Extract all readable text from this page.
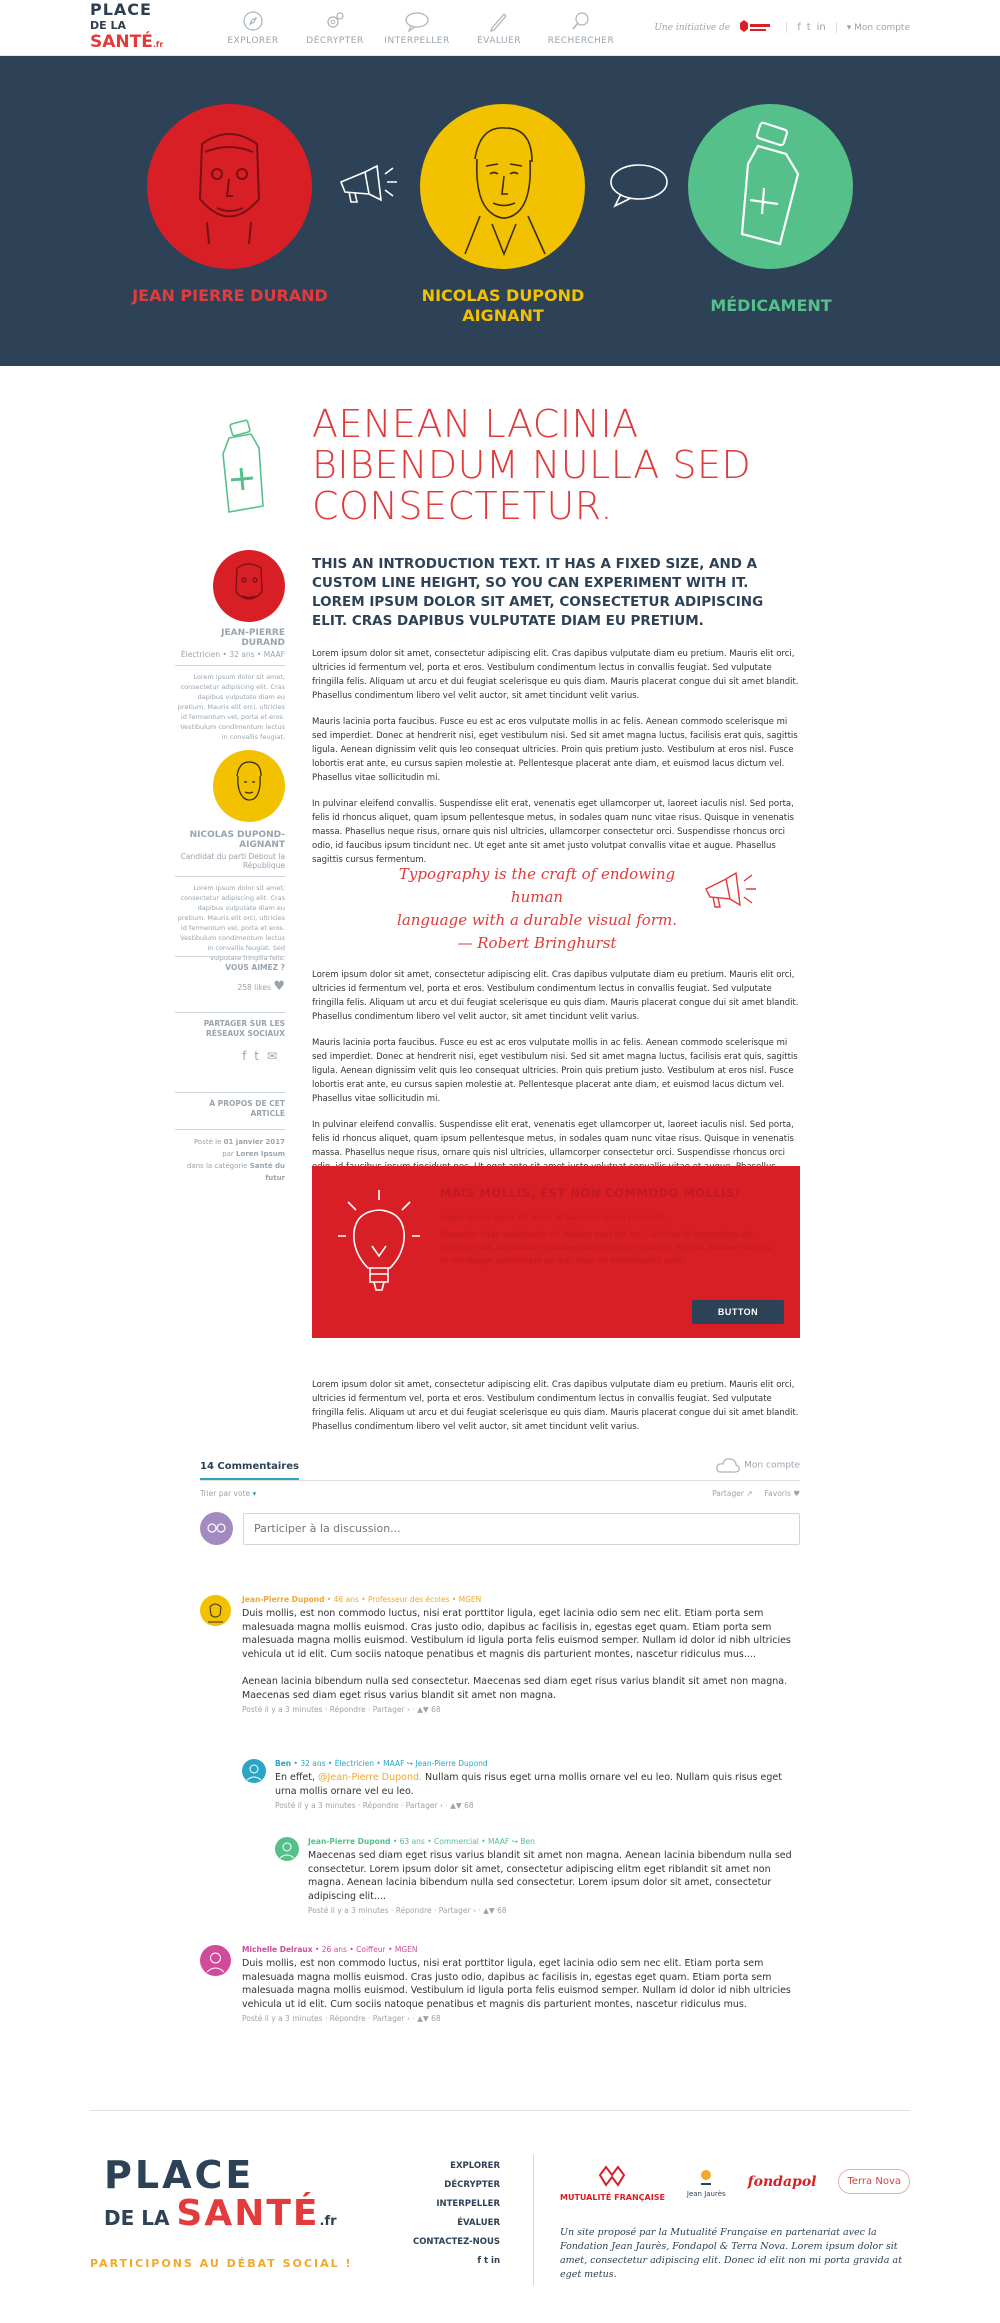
PLACE
DE LA SANTÉ.fr	EXPLORER	DÉCRYPTER	INTERPELLER	ÉVALUER	RECHERCHER
Une initiative de	f t in ▾ Mon compte
JEAN PIERRE DURAND	NICOLAS DUPOND AIGNANT
MÉDICAMENT
JEAN-PIERRE DURAND
Électricien • 32 ans • MAAF
Lorem ipsum dolor sit amet, consectetur adipiscing elit. Cras dapibus vulputate diam eu pretium. Mauris elit orci, ultricies id fermentum vel, porta et eros. Vestibulum condimentum lectus in convallis feugiat.
NICOLAS DUPOND-AIGNANT
Candidat du parti Debout la République
Lorem ipsum dolor sit amet, consectetur adipiscing elit. Cras dapibus vulputate diam eu pretium. Mauris elit orci, ultricies id fermentum vel, porta et eros. Vestibulum condimentum lectus in convallis feugiat. Sed vulputate fringilla felis.
VOUS AIMEZ ?
258 likes ♥
PARTAGER SUR LES RÉSEAUX SOCIAUX
ft✉
À PROPOS DE CET ARTICLE
Posté le 01 janvier 2017
par Loren Ipsum
dans la catégorie Santé du futur
AENEAN LACINIA BIBENDUM NULLA SED CONSECTETUR.

THIS AN INTRODUCTION TEXT. IT HAS A FIXED SIZE, AND A CUSTOM LINE HEIGHT, SO YOU CAN EXPERIMENT WITH IT. LOREM IPSUM DOLOR SIT AMET, CONSECTETUR ADIPISCING ELIT. CRAS DAPIBUS VULPUTATE DIAM EU PRETIUM.

Lorem ipsum dolor sit amet, consectetur adipiscing elit. Cras dapibus vulputate diam eu pretium. Mauris elit orci, ultricies id fermentum vel, porta et eros. Vestibulum condimentum lectus in convallis feugiat. Sed vulputate fringilla felis. Aliquam ut arcu et dui feugiat scelerisque eu quis diam. Mauris placerat congue dui sit amet blandit. Phasellus condimentum libero vel velit auctor, sit amet tincidunt velit varius.

Mauris lacinia porta faucibus. Fusce eu est ac eros vulputate mollis in ac felis. Aenean commodo scelerisque mi sed imperdiet. Donec at hendrerit nisi, eget vestibulum nisi. Sed sit amet magna luctus, facilisis erat quis, sagittis ligula. Aenean dignissim velit quis leo consequat ultricies. Proin quis pretium justo. Vestibulum at eros nisl. Fusce lobortis erat ante, eu cursus sapien molestie at. Pellentesque placerat ante diam, et euismod lacus dictum vel. Phasellus vitae sollicitudin mi.

In pulvinar eleifend convallis. Suspendisse elit erat, venenatis eget ullamcorper ut, laoreet iaculis nisl. Sed porta, felis id rhoncus aliquet, quam ipsum pellentesque metus, in sodales quam nunc vitae risus. Quisque in venenatis massa. Phasellus neque risus, ornare quis nisl ultricies, ullamcorper consectetur orci. Suspendisse rhoncus orci odio, id faucibus ipsum tincidunt nec. Ut eget ante sit amet justo volutpat convallis vitae et augue. Phasellus sagittis cursus fermentum.

Typography is the craft of endowing human
language with a durable visual form.
— Robert Bringhurst

Lorem ipsum dolor sit amet, consectetur adipiscing elit. Cras dapibus vulputate diam eu pretium. Mauris elit orci, ultricies id fermentum vel, porta et eros. Vestibulum condimentum lectus in convallis feugiat. Sed vulputate fringilla felis. Aliquam ut arcu et dui feugiat scelerisque eu quis diam. Mauris placerat congue dui sit amet blandit. Phasellus condimentum libero vel velit auctor, sit amet tincidunt velit varius.

Mauris lacinia porta faucibus. Fusce eu est ac eros vulputate mollis in ac felis. Aenean commodo scelerisque mi sed imperdiet. Donec at hendrerit nisi, eget vestibulum nisi. Sed sit amet magna luctus, facilisis erat quis, sagittis ligula. Aenean dignissim velit quis leo consequat ultricies. Proin quis pretium justo. Vestibulum at eros nisl. Fusce lobortis erat ante, eu cursus sapien molestie at. Pellentesque placerat ante diam, et euismod lacus dictum vel. Phasellus vitae sollicitudin mi.

In pulvinar eleifend convallis. Suspendisse elit erat, venenatis eget ullamcorper ut, laoreet iaculis nisl. Sed porta, felis id rhoncus aliquet, quam ipsum pellentesque metus, in sodales quam nunc vitae risus. Quisque in venenatis massa. Phasellus neque risus, ornare quis nisl ultricies, ullamcorper consectetur orci. Suspendisse rhoncus orci

MAIS MOLLIS, EST NON COMMODO MOLLIS!
Lorem ipsum dolor sit amet, id faucibus ipsum tincidunt.
Phasellus vitae sollicitudin mi. Nullam eget elit orci, ultricies id fermentum vel, porta et eros. Vestibulum condimentum lectus in convallis feugiat. Aliquam ut arcu et dui feugiat scelerisque eu quis diam sit amet blandit ante.
BUTTON

Lorem ipsum dolor sit amet, consectetur adipiscing elit. Cras dapibus vulputate diam eu pretium. Mauris elit orci, ultricies id fermentum vel, porta et eros. Vestibulum condimentum lectus in convallis feugiat. Sed vulputate fringilla felis. Aliquam ut arcu et dui feugiat scelerisque eu quis diam. Mauris placerat congue dui sit amet blandit. Phasellus condimentum libero vel velit auctor, sit amet tincidunt velit varius.

14 Commentaires	Mon compte
Trier par vote ▾	Partager ↗ Favoris ♥
Participer à la discussion...
Jean-Pierre Dupond • 46 ans • Professeur des écoles • MGEN
Duis mollis, est non commodo luctus, nisi erat porttitor ligula, eget lacinia odio sem nec elit. Etiam porta sem malesuada magna mollis euismod. Cras justo odio, dapibus ac facilisis in, egestas eget quam. Etiam porta sem malesuada magna mollis euismod. Vestibulum id ligula porta felis euismod semper. Nullam id dolor id nibh ultricies vehicula ut id elit. Cum sociis natoque penatibus et magnis dis parturient montes, nascetur ridiculus mus....
Aenean lacinia bibendum nulla sed consectetur. Maecenas sed diam eget risus varius blandit sit amet non magna. Maecenas sed diam eget risus varius blandit sit amet non magna.
Posté il y a 3 minutes · Répondre · Partager › · ▲▼ 68
Ben • 32 ans • Électricien • MAAF ↪ Jean-Pierre Dupond
En effet, @Jean-Pierre Dupond. Nullam quis risus eget urna mollis ornare vel eu leo. Nullam quis risus eget urna mollis ornare vel eu leo.
Posté il y a 3 minutes · Répondre · Partager › · ▲▼ 68
Jean-Pierre Dupond • 63 ans • Commercial • MAAF ↪ Ben
Maecenas sed diam eget risus varius blandit sit amet non magna. Aenean lacinia bibendum nulla sed consectetur. Lorem ipsum dolor sit amet, consectetur adipiscing elitm eget riblandit sit amet non magna. Aenean lacinia bibendum nulla sed consectetur. Lorem ipsum dolor sit amet, consectetur adipiscing elit....
Posté il y a 3 minutes · Répondre · Partager › · ▲▼ 68
Michelle Delraux • 26 ans • Coiffeur • MGEN
Duis mollis, est non commodo luctus, nisi erat porttitor ligula, eget lacinia odio sem nec elit. Etiam porta sem malesuada magna mollis euismod. Cras justo odio, dapibus ac facilisis in, egestas eget quam. Etiam porta sem malesuada magna mollis euismod. Vestibulum id ligula porta felis euismod semper. Nullam id dolor id nibh ultricies vehicula ut id elit. Cum sociis natoque penatibus et magnis dis parturient montes, nascetur ridiculus mus.
Posté il y a 3 minutes · Répondre · Partager › · ▲▼ 68
PLACE
DE LA SANTÉ.fr
PARTICIPONS AU DÉBAT SOCIAL !
EXPLORER
DÉCRYPTER
INTERPELLER
ÉVALUER
CONTACTEZ-NOUS
f t in
MUTUALITÉ FRANÇAISE	Jean Jaurès
fondapol	Terra Nova
Un site proposé par la Mutualité Française en partenariat avec la Fondation Jean Jaurès, Fondapol & Terra Nova. Lorem ipsum dolor sit amet, consectetur adipiscing elit. Donec id elit non mi porta gravida at eget metus.
